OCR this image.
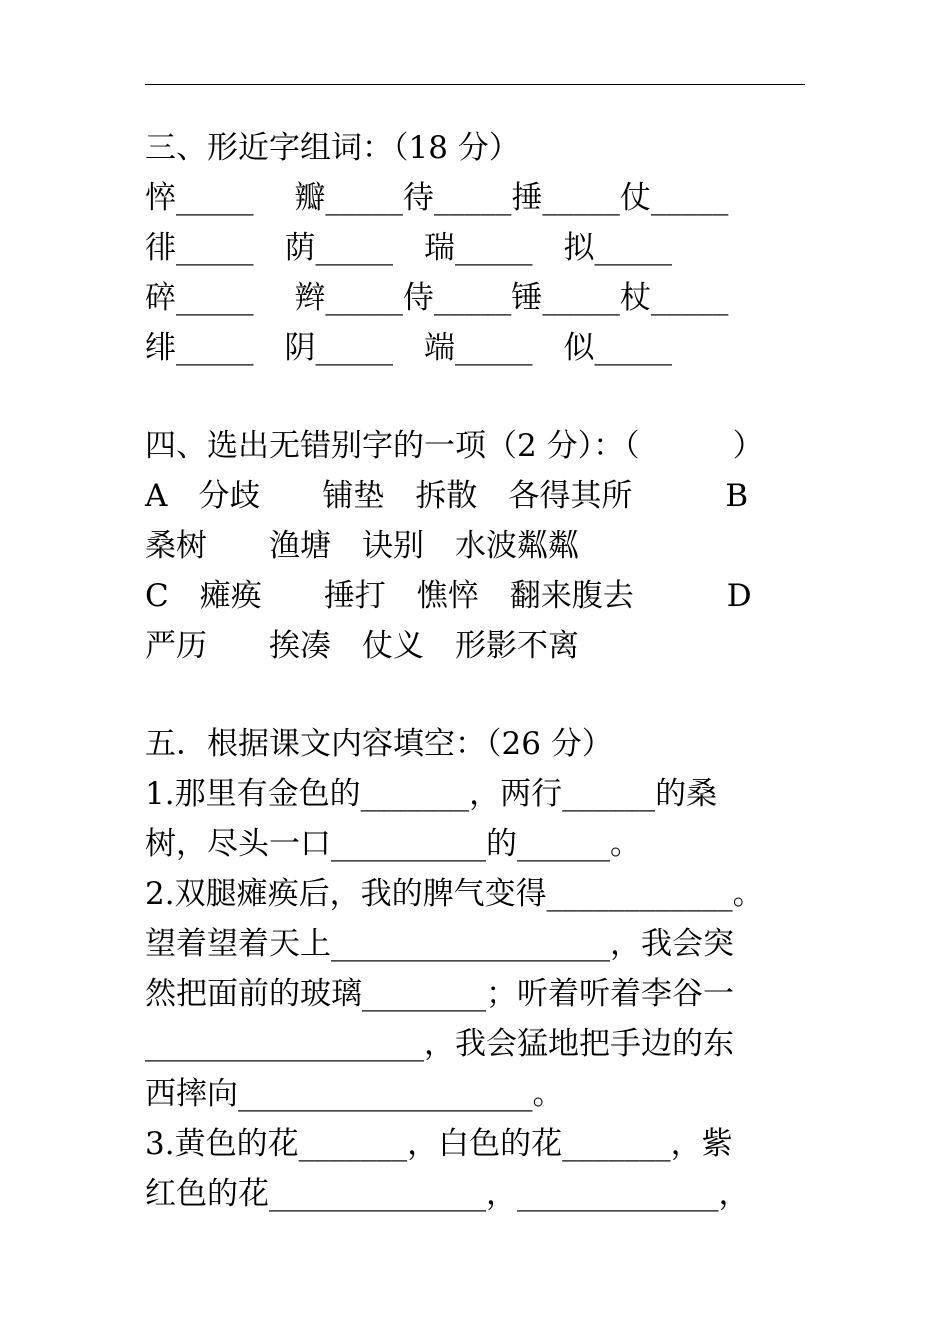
三、形近字组词：（18 分）
悴_____　 瓣_____待_____捶_____仗_____
徘_____　荫_____　瑞_____　拟_____
碎_____　 辫_____侍_____锤_____杖_____
绯_____　阴_____　端_____　似_____
四、选出无错别字的一项（2 分）：（　　　）
A　分歧　　铺垫　拆散　各得其所　　　B
桑树　　渔塘　诀别　水波粼粼
C　瘫痪　　捶打　憔悴　翻来腹去　　　D
严历　　挨凑　仗义　形影不离
五．根据课文内容填空：（26 分）
1.那里有金色的_______，两行______的桑
树，尽头一口__________的______。
2.双腿瘫痪后，我的脾气变得____________。
望着望着天上__________________，我会突
然把面前的玻璃________；听着听着李谷一
__________________，我会猛地把手边的东
西摔向___________________。
3.黄色的花_______，白色的花_______，紫
红色的花______________，_____________，
